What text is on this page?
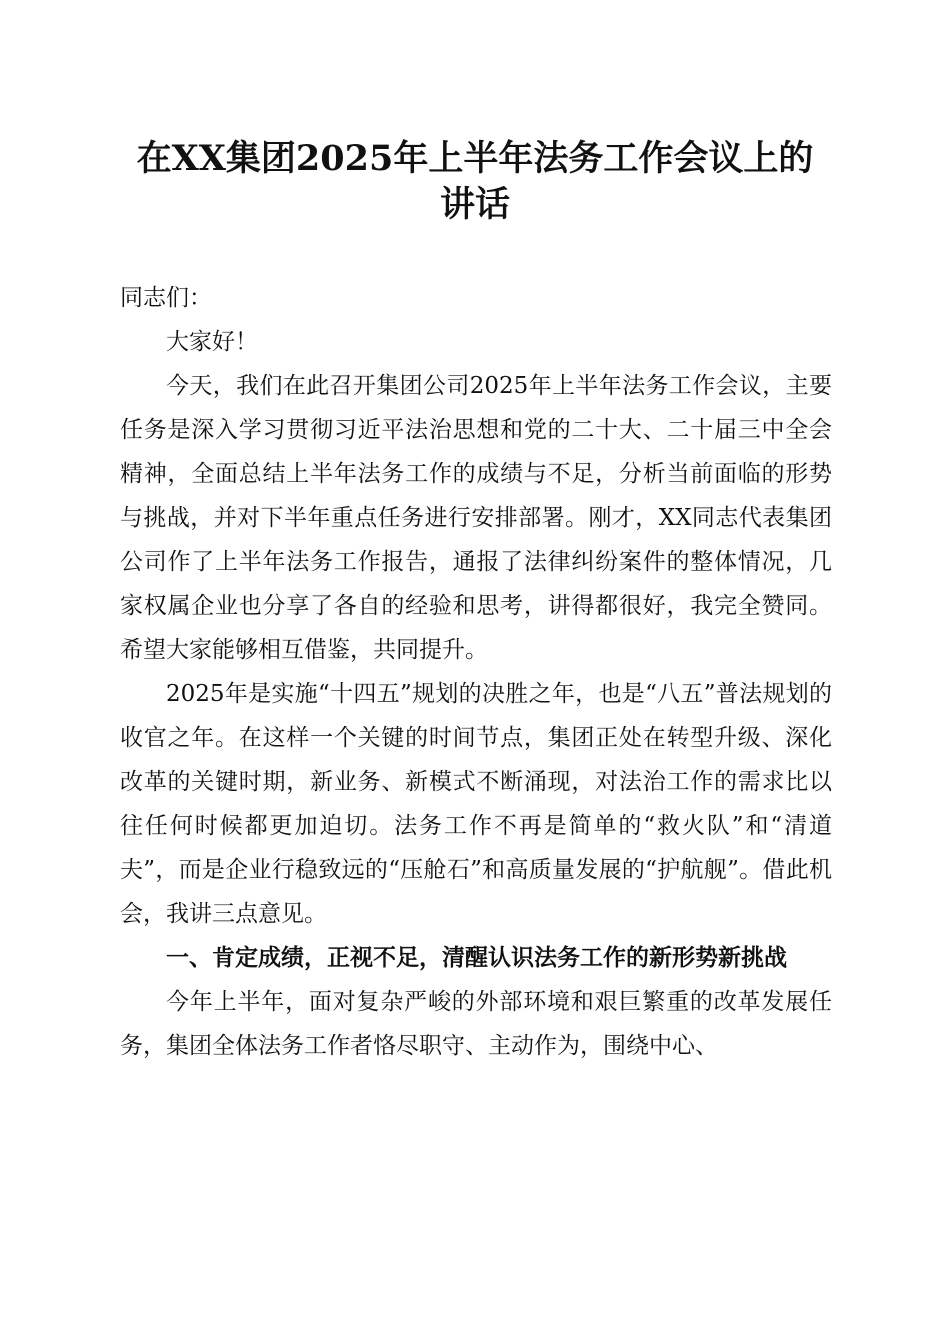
在XX集团2025年上半年法务工作会议上的
讲话

同志们：

大家好！

今天，我们在此召开集团公司2025年上半年法务工作会议，主要任务是深入学习贯彻习近平法治思想和党的二十大、二十届三中全会精神，全面总结上半年法务工作的成绩与不足，分析当前面临的形势与挑战，并对下半年重点任务进行安排部署。刚才，XX同志代表集团公司作了上半年法务工作报告，通报了法律纠纷案件的整体情况，几家权属企业也分享了各自的经验和思考，讲得都很好，我完全赞同。希望大家能够相互借鉴，共同提升。

2025年是实施“十四五”规划的决胜之年，也是“八五”普法规划的收官之年。在这样一个关键的时间节点，集团正处在转型升级、深化改革的关键时期，新业务、新模式不断涌现，对法治工作的需求比以往任何时候都更加迫切。法务工作不再是简单的“救火队”和“清道夫”，而是企业行稳致远的“压舱石”和高质量发展的“护航舰”。借此机会，我讲三点意见。

一、肯定成绩，正视不足，清醒认识法务工作的新形势新挑战

今年上半年，面对复杂严峻的外部环境和艰巨繁重的改革发展任务，集团全体法务工作者恪尽职守、主动作为，围绕中心、
